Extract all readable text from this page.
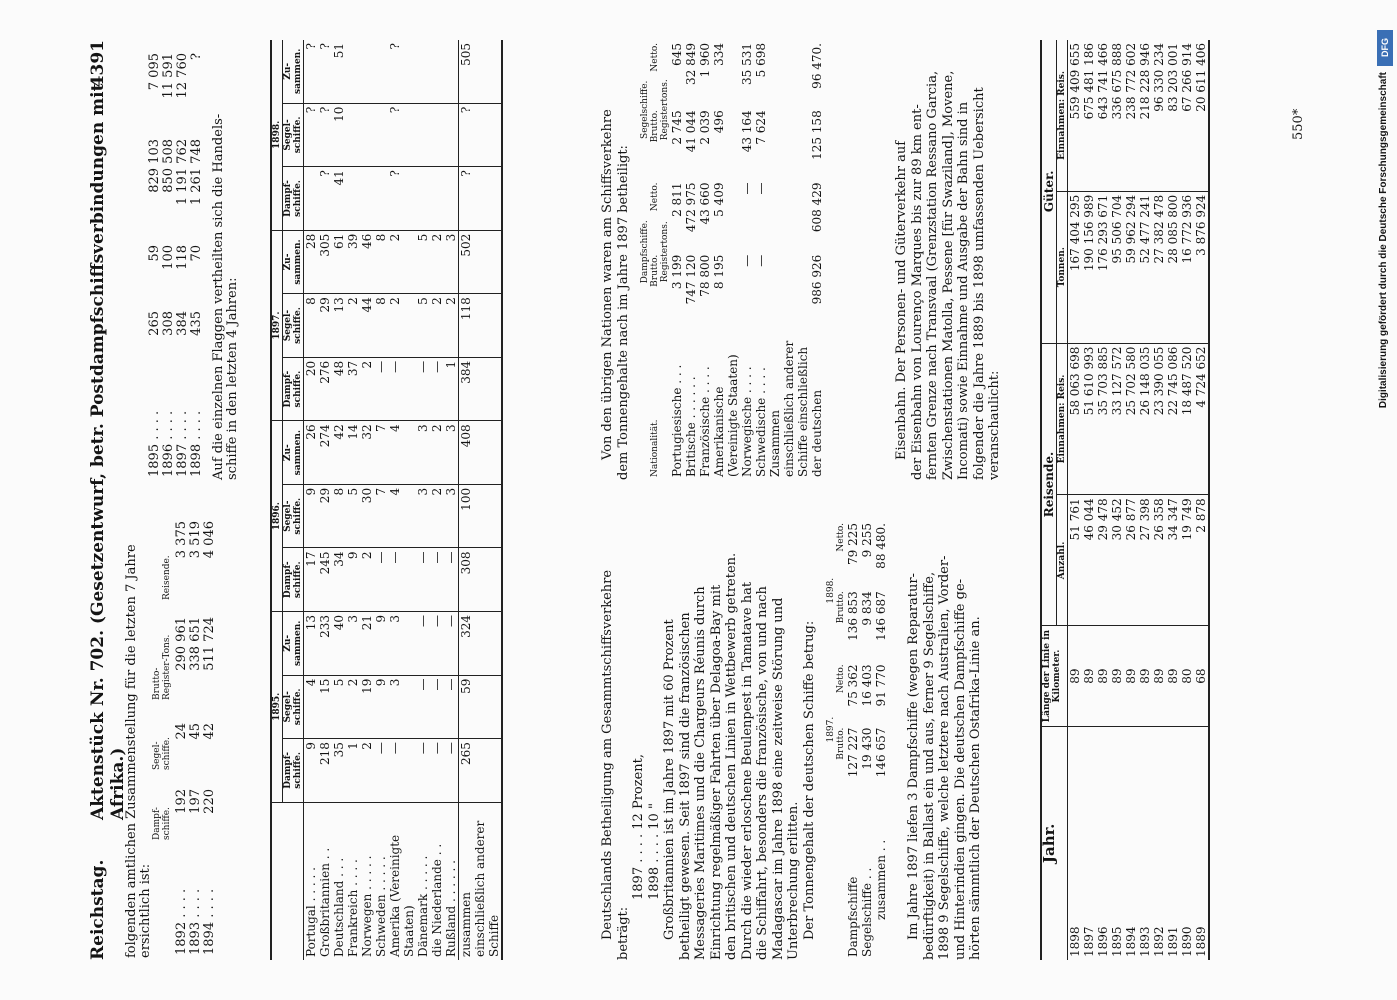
DFG
Digitalisierung gefördert durch die Deutsche Forschungsgemeinschaft
Reichstag.
Aktenstück Nr. 702. (Gesetzentwurf, betr. Postdampfschiffsverbindungen mit Afrika.)
4391
folgenden amtlichen Zusammenstellung für die letzten 7 Jahre ersichtlich ist:
Dampf- schiffe.
Segel- schiffe.
Brutto- Register-Tons.
Reisende.
1892 . . . .	192	24	290 961	3 375
1893 . . . .	197	45	338 651	3 519
1894 . . . .	220	42	511 724	4 046
1895 . . . .	265	59	829 103	7 095
1896 . . . .	308	100	850 508	11 591
1897 . . . .	384	118	1 191 762	12 760
1898 . . . .	435	70	1 261 748	?
Auf die einzelnen Flaggen vertheilten sich die Handels- schiffe in den letzten 4 Jahren:
	1895.			1896.			1897.			1898.		
	Dampf- schiffe.	Segel- schiffe.	Zu- sammen.	Dampf- schiffe.	Segel- schiffe.	Zu- sammen.	Dampf- schiffe.	Segel- schiffe.	Zu- sammen.	Dampf- schiffe.	Segel- schiffe.	Zu- sammen.
Portugal . . . . .	9	4	13	17	9	26	20	8	28		?	?
Großbritannien . .	218	15	233	245	29	274	276	29	305	?	?	?
Deutschland . . .	35	5	40	34	8	42	48	13	61	41	10	51
Frankreich . . . .	1	2	3	9	5	14	37	2	39			
Norwegen . . . . .	2	19	21	2	30	32	2	44	46			
Schweden . . . . .	—	9	9	—	7	7	—	8	8			
Amerika (Vereinigte Staaten)	—	3	3	—	4	4	—	2	2	?	?	?
Dänemark . . . . .	—	—	—	—	3	3	—	5	5			
die Niederlande . .	—	—	—	—	2	2	—	2	2			
Rußland . . . . . .	—	—	—	—	3	3	1	2	3			
zusammen einschließlich anderer Schiffe	265	59	324	308	100	408	384	118	502	?	?	505
Deutschlands Betheiligung am Gesammtschiffsverkehre beträgt:
1897 . . . . 12 Prozent, 1898 . . . . 10 " Großbritannien ist im Jahre 1897 mit 60 Prozent betheiligt gewesen. Seit 1897 sind die französischen Messageries Maritimes und die Chargeurs Réunis durch Einrichtung regelmäßiger Fahrten über Delagoa-Bay mit den britischen und deutschen Linien in Wettbewerb getreten. Durch die wieder erloschene Beulenpest in Tamatave hat die Schiffahrt, besonders die französische, von und nach Madagascar im Jahre 1898 eine zeitweise Störung und Unterbrechung erlitten. Der Tonnengehalt der deutschen Schiffe betrug:
	1897.		1898.	
	Brutto.	Netto.	Brutto.	Netto.
Dampfschiffe	127 227	75 362	136 853	79 225
Segelschiffe . .	19 430	16 403	9 834	9 255
zusammen . .	146 657	91 770	146 687	88 480.
Im Jahre 1897 liefen 3 Dampfschiffe (wegen Reparatur- bedürftigkeit) in Ballast ein und aus, ferner 9 Segelschiffe, 1898 9 Segelschiffe, welche letztere nach Australien, Vorder- und Hinterindien gingen. Die deutschen Dampfschiffe ge- hörten sämmtlich der Deutschen Ostafrika-Linie an.
Von den übrigen Nationen waren am Schiffsverkehre dem Tonnengehalte nach im Jahre 1897 betheiligt:
	Dampfschiffe.		Segelschiffe.	
Nationalität.	Brutto.	Netto.	Brutto.	Netto.
	Registertons.		Registertons.	
Portugiesische . . .	3 199	2 811	2 745	645
Britische . . . . . .	747 120	472 975	41 044	32 849
Französische . . . .	78 800	43 660	2 039	1 960
Amerikanische (Vereinigte Staaten)	8 195	5 409	496	334
Norwegische . . . .	—	—	43 164	35 531
Schwedische . . . .	—	—	7 624	5 698
Zusammen einschließlich anderer Schiffe einschließlich der deutschen	986 926	608 429	125 158	96 470.
Eisenbahn. Der Personen- und Güterverkehr auf der Eisenbahn von Lourenço Marques bis zur 89 km ent- fernten Grenze nach Transvaal (Grenzstation Ressano Garcia, Zwischenstationen Matolla, Pessene [für Swaziland], Movene, Incomati) sowie Einnahme und Ausgabe der Bahn sind in folgender die Jahre 1889 bis 1898 umfassenden Uebersicht veranschaulicht:
Jahr.	Länge der Linie in Kilometer.	Reisende.		Güter.	
		Anzahl.	Einnahmen: Reis.	Tonnen.	Einnahmen: Reis.
1898	89	51 761	58 063 698	167 404 295	559 409 655
1897	89	46 044	51 610 993	190 156 989	675 481 186
1896	89	29 478	35 703 885	176 293 671	643 741 466
1895	89	30 452	33 127 572	95 506 704	336 675 888
1894	89	26 877	25 702 580	59 962 294	238 772 602
1893	89	27 398	26 148 035	52 477 241	218 228 946
1892	89	26 358	23 390 055	27 382 478	96 330 234
1891	89	34 347	22 745 086	28 085 800	83 203 001
1890	80	19 749	18 487 520	16 772 936	67 266 914
1889	68	2 878	4 724 652	3 876 924	20 611 406
550*
